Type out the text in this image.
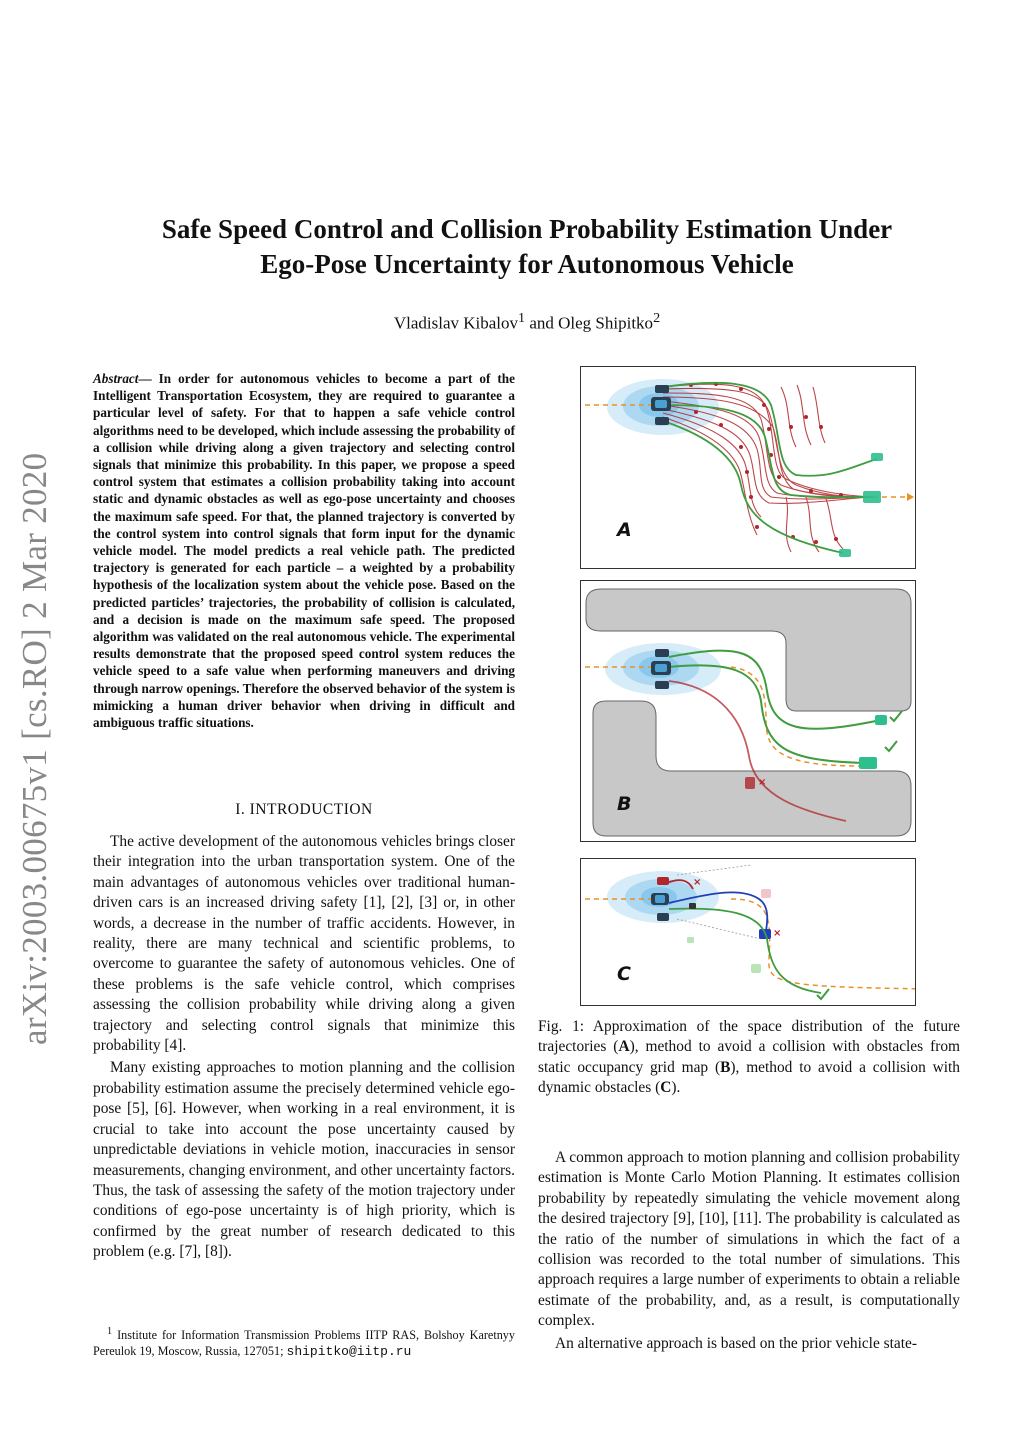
arXiv:2003.00675v1 [cs.RO] 2 Mar 2020
Safe Speed Control and Collision Probability Estimation Under
Ego-Pose Uncertainty for Autonomous Vehicle
Vladislav Kibalov$^1$ and Oleg Shipitko$^2$

Abstract— In order for autonomous vehicles to become a part of the Intelligent Transportation Ecosystem, they are required to guarantee a particular level of safety. For that to happen a safe vehicle control algorithms need to be developed, which include assessing the probability of a collision while driving along a given trajectory and selecting control signals that minimize this probability. In this paper, we propose a speed control system that estimates a collision probability taking into account static and dynamic obstacles as well as ego-pose uncertainty and chooses the maximum safe speed. For that, the planned trajectory is converted by the control system into control signals that form input for the dynamic vehicle model. The model predicts a real vehicle path. The predicted trajectory is generated for each particle – a weighted by a probability hypothesis of the localization system about the vehicle pose. Based on the predicted particles’ trajectories, the probability of collision is calculated, and a decision is made on the maximum safe speed. The proposed algorithm was validated on the real autonomous vehicle. The experimental results demonstrate that the proposed speed control system reduces the vehicle speed to a safe value when performing maneuvers and driving through narrow openings. Therefore the observed behavior of the system is mimicking a human driver behavior when driving in difficult and ambiguous traffic situations.

I. INTRODUCTION

The active development of the autonomous vehicles brings closer their integration into the urban transportation system. One of the main advantages of autonomous vehicles over traditional human-driven cars is an increased driving safety [1], [2], [3] or, in other words, a decrease in the number of traffic accidents. However, in reality, there are many technical and scientific problems, to overcome to guarantee the safety of autonomous vehicles. One of these problems is the safe vehicle control, which comprises assessing the collision probability while driving along a given trajectory and selecting control signals that minimize this probability [4].

Many existing approaches to motion planning and the collision probability estimation assume the precisely determined vehicle ego-pose [5], [6]. However, when working in a real environment, it is crucial to take into account the pose uncertainty caused by unpredictable deviations in vehicle motion, inaccuracies in sensor measurements, changing environment, and other uncertainty factors. Thus, the task of assessing the safety of the motion trajectory under conditions of ego-pose uncertainty is of high priority, which is confirmed by the great number of research dedicated to this problem (e.g. [7], [8]).

$^1$ Institute for Information Transmission Problems IITP RAS, Bolshoy Karetnyy Pereulok 19, Moscow, Russia, 127051; shipitko@iitp.ru
A
×
B
×
×
C
Fig. 1: Approximation of the space distribution of the future trajectories (A), method to avoid a collision with obstacles from static occupancy grid map (B), method to avoid a collision with dynamic obstacles (C).

A common approach to motion planning and collision probability estimation is Monte Carlo Motion Planning. It estimates collision probability by repeatedly simulating the vehicle movement along the desired trajectory [9], [10], [11]. The probability is calculated as the ratio of the number of simulations in which the fact of a collision was recorded to the total number of simulations. This approach requires a large number of experiments to obtain a reliable estimate of the probability, and, as a result, is computationally complex.

An alternative approach is based on the prior vehicle state-
